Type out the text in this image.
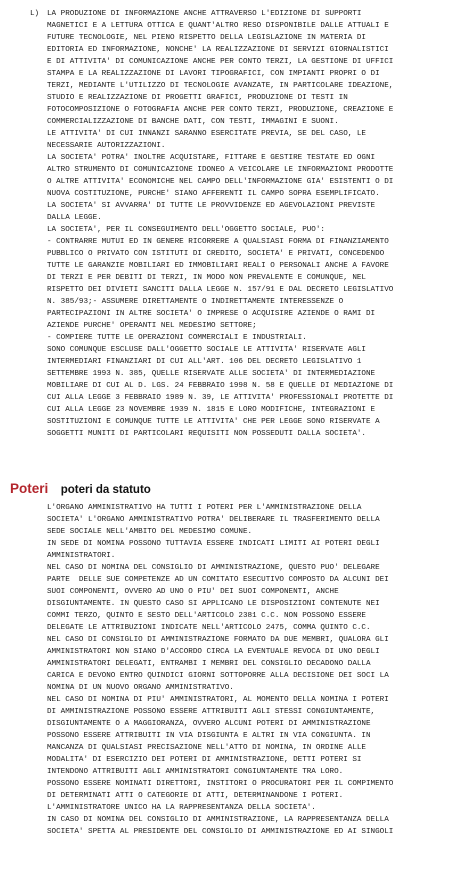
L) LA PRODUZIONE DI INFORMAZIONE ANCHE ATTRAVERSO L'EDIZIONE DI SUPPORTI
MAGNETICI E A LETTURA OTTICA E QUANT'ALTRO RESO DISPONIBILE DALLE ATTUALI E
FUTURE TECNOLOGIE, NEL PIENO RISPETTO DELLA LEGISLAZIONE IN MATERIA DI
EDITORIA ED INFORMAZIONE, NONCHE' LA REALIZZAZIONE DI SERVIZI GIORNALISTICI
E DI ATTIVITA' DI COMUNICAZIONE ANCHE PER CONTO TERZI, LA GESTIONE DI UFFICI
STAMPA E LA REALIZZAZIONE DI LAVORI TIPOGRAFICI, CON IMPIANTI PROPRI O DI
TERZI, MEDIANTE L'UTILIZZO DI TECNOLOGIE AVANZATE, IN PARTICOLARE IDEAZIONE,
STUDIO E REALIZZAZIONE DI PROGETTI GRAFICI, PRODUZIONE DI TESTI IN
FOTOCOMPOSIZIONE O FOTOGRAFIA ANCHE PER CONTO TERZI, PRODUZIONE, CREAZIONE E
COMMERCIALIZZAZIONE DI BANCHE DATI, CON TESTI, IMMAGINI E SUONI.
LE ATTIVITA' DI CUI INNANZI SARANNO ESERCITATE PREVIA, SE DEL CASO, LE
NECESSARIE AUTORIZZAZIONI.
LA SOCIETA' POTRA' INOLTRE ACQUISTARE, FITTARE E GESTIRE TESTATE ED OGNI
ALTRO STRUMENTO DI COMUNICAZIONE IDONEO A VEICOLARE LE INFORMAZIONI PRODOTTE
O ALTRE ATTIVITA' ECONOMICHE NEL CAMPO DELL'INFORMAZIONE GIA' ESISTENTI O DI
NUOVA COSTITUZIONE, PURCHE' SIANO AFFERENTI IL CAMPO SOPRA ESEMPLIFICATO.
LA SOCIETA' SI AVVARRA' DI TUTTE LE PROVVIDENZE ED AGEVOLAZIONI PREVISTE
DALLA LEGGE.
LA SOCIETA', PER IL CONSEGUIMENTO DELL'OGGETTO SOCIALE, PUO':
- CONTRARRE MUTUI ED IN GENERE RICORRERE A QUALSIASI FORMA DI FINANZIAMENTO
PUBBLICO O PRIVATO CON ISTITUTI DI CREDITO, SOCIETA' E PRIVATI, CONCEDENDO
TUTTE LE GARANZIE MOBILIARI ED IMMOBILIARI REALI O PERSONALI ANCHE A FAVORE
DI TERZI E PER DEBITI DI TERZI, IN MODO NON PREVALENTE E COMUNQUE, NEL
RISPETTO DEI DIVIETI SANCITI DALLA LEGGE N. 157/91 E DAL DECRETO LEGISLATIVO
N. 385/93;- ASSUMERE DIRETTAMENTE O INDIRETTAMENTE INTERESSENZE O
PARTECIPAZIONI IN ALTRE SOCIETA' O IMPRESE O ACQUISIRE AZIENDE O RAMI DI
AZIENDE PURCHE' OPERANTI NEL MEDESIMO SETTORE;
- COMPIERE TUTTE LE OPERAZIONI COMMERCIALI E INDUSTRIALI.
SONO COMUNQUE ESCLUSE DALL'OGGETTO SOCIALE LE ATTIVITA' RISERVATE AGLI
INTERMEDIARI FINANZIARI DI CUI ALL'ART. 106 DEL DECRETO LEGISLATIVO 1
SETTEMBRE 1993 N. 385, QUELLE RISERVATE ALLE SOCIETA' DI INTERMEDIAZIONE
MOBILIARE DI CUI AL D. LGS. 24 FEBBRAIO 1998 N. 58 E QUELLE DI MEDIAZIONE DI
CUI ALLA LEGGE 3 FEBBRAIO 1989 N. 39, LE ATTIVITA' PROFESSIONALI PROTETTE DI
CUI ALLA LEGGE 23 NOVEMBRE 1939 N. 1815 E LORO MODIFICHE, INTEGRAZIONI E
SOSTITUZIONI E COMUNQUE TUTTE LE ATTIVITA' CHE PER LEGGE SONO RISERVATE A
SOGGETTI MUNITI DI PARTICOLARI REQUISITI NON POSSEDUTI DALLA SOCIETA'.
Poteri poteri da statuto
L'ORGANO AMMINISTRATIVO HA TUTTI I POTERI PER L'AMMINISTRAZIONE DELLA
SOCIETA' L'ORGANO AMMINISTRATIVO POTRA' DELIBERARE IL TRASFERIMENTO DELLA
SEDE SOCIALE NELL'AMBITO DEL MEDESIMO COMUNE.
IN SEDE DI NOMINA POSSONO TUTTAVIA ESSERE INDICATI LIMITI AI POTERI DEGLI
AMMINISTRATORI.
NEL CASO DI NOMINA DEL CONSIGLIO DI AMMINISTRAZIONE, QUESTO PUO' DELEGARE
PARTE  DELLE SUE COMPETENZE AD UN COMITATO ESECUTIVO COMPOSTO DA ALCUNI DEI
SUOI COMPONENTI, OVVERO AD UNO O PIU' DEI SUOI COMPONENTI, ANCHE
DISGIUNTAMENTE. IN QUESTO CASO SI APPLICANO LE DISPOSIZIONI CONTENUTE NEI
COMMI TERZO, QUINTO E SESTO DELL'ARTICOLO 2381 C.C. NON POSSONO ESSERE
DELEGATE LE ATTRIBUZIONI INDICATE NELL'ARTICOLO 2475, COMMA QUINTO C.C.
NEL CASO DI CONSIGLIO DI AMMINISTRAZIONE FORMATO DA DUE MEMBRI, QUALORA GLI
AMMINISTRATORI NON SIANO D'ACCORDO CIRCA LA EVENTUALE REVOCA DI UNO DEGLI
AMMINISTRATORI DELEGATI, ENTRAMBI I MEMBRI DEL CONSIGLIO DECADONO DALLA
CARICA E DEVONO ENTRO QUINDICI GIORNI SOTTOPORRE ALLA DECISIONE DEI SOCI LA
NOMINA DI UN NUOVO ORGANO AMMINISTRATIVO.
NEL CASO DI NOMINA DI PIU' AMMINISTRATORI, AL MOMENTO DELLA NOMINA I POTERI
DI AMMINISTRAZIONE POSSONO ESSERE ATTRIBUITI AGLI STESSI CONGIUNTAMENTE,
DISGIUNTAMENTE O A MAGGIORANZA, OVVERO ALCUNI POTERI DI AMMINISTRAZIONE
POSSONO ESSERE ATTRIBUITI IN VIA DISGIUNTA E ALTRI IN VIA CONGIUNTA. IN
MANCANZA DI QUALSIASI PRECISAZIONE NELL'ATTO DI NOMINA, IN ORDINE ALLE
MODALITA' DI ESERCIZIO DEI POTERI DI AMMINISTRAZIONE, DETTI POTERI SI
INTENDONO ATTRIBUITI AGLI AMMINISTRATORI CONGIUNTAMENTE TRA LORO.
POSSONO ESSERE NOMINATI DIRETTORI, INSTITORI O PROCURATORI PER IL COMPIMENTO
DI DETERMINATI ATTI O CATEGORIE DI ATTI, DETERMINANDONE I POTERI.
L'AMMINISTRATORE UNICO HA LA RAPPRESENTANZA DELLA SOCIETA'.
IN CASO DI NOMINA DEL CONSIGLIO DI AMMINISTRAZIONE, LA RAPPRESENTANZA DELLA
SOCIETA' SPETTA AL PRESIDENTE DEL CONSIGLIO DI AMMINISTRAZIONE ED AI SINGOLI
